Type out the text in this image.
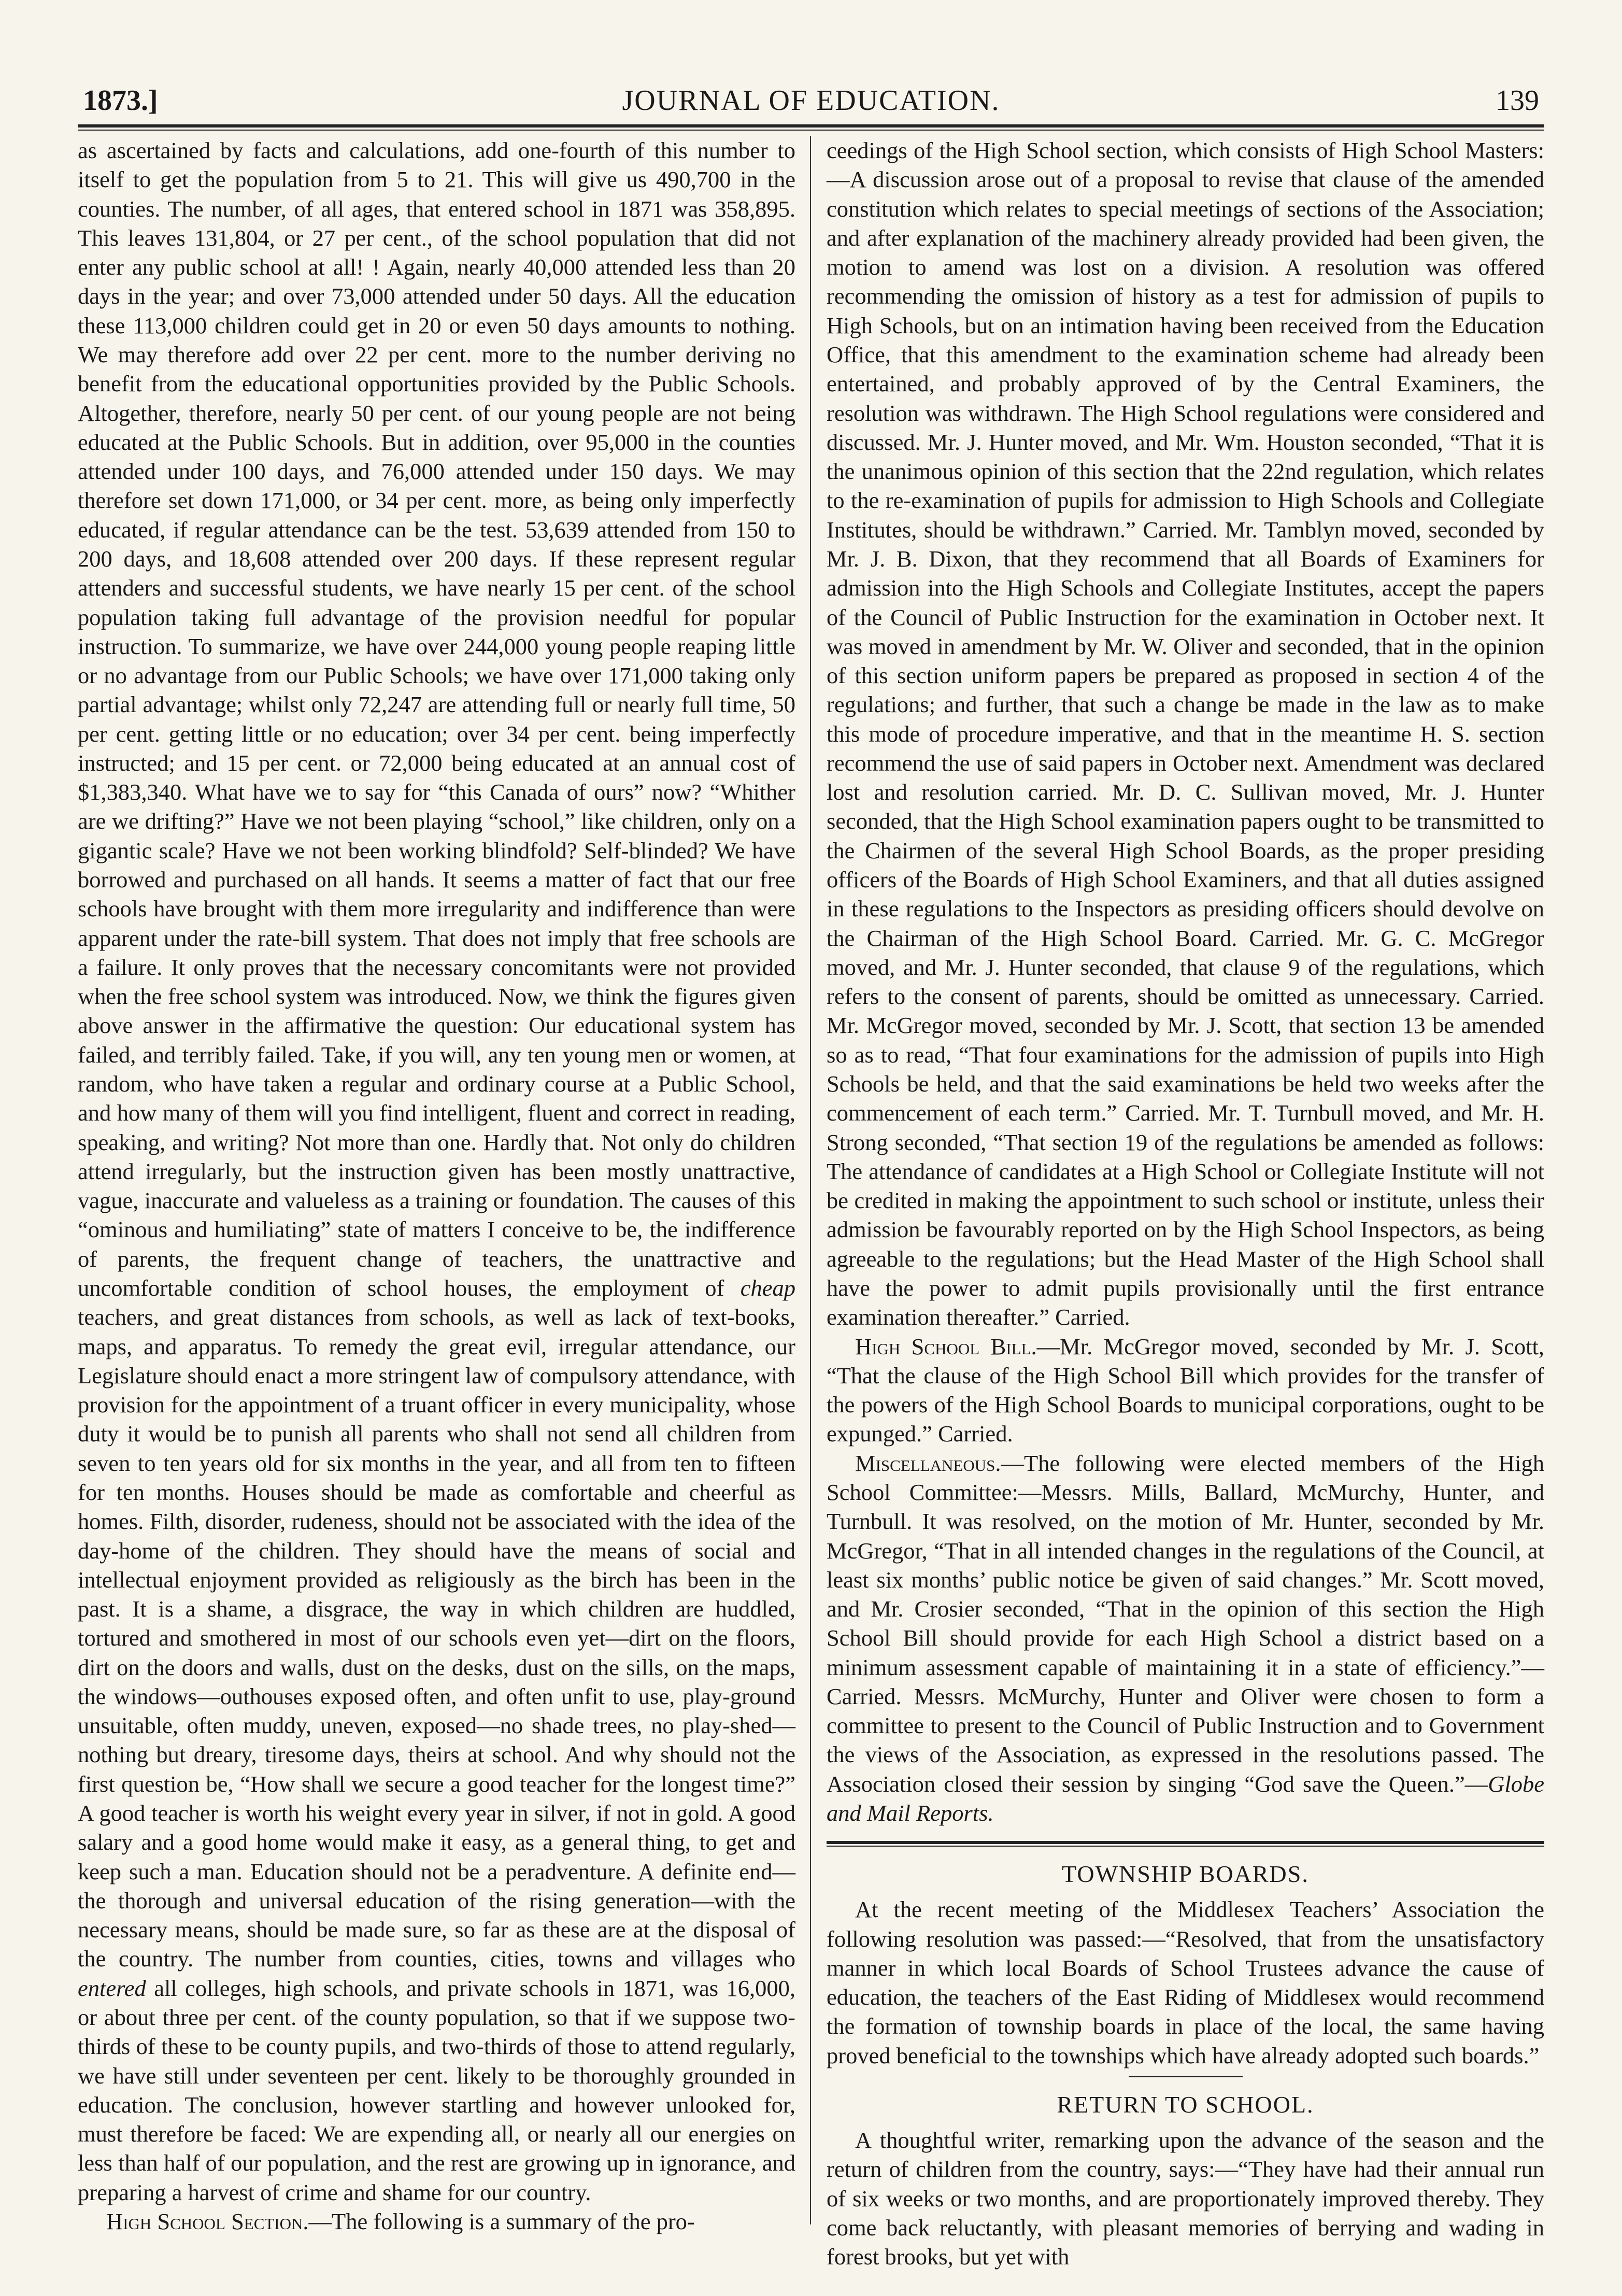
1873.]	JOURNAL OF EDUCATION.	139

as ascertained by facts and calculations, add one-fourth of this number to itself to get the population from 5 to 21. This will give us 490,700 in the counties. The number, of all ages, that entered school in 1871 was 358,895. This leaves 131,804, or 27 per cent., of the school population that did not enter any public school at all! ! Again, nearly 40,000 attended less than 20 days in the year; and over 73,000 attended under 50 days. All the education these 113,000 children could get in 20 or even 50 days amounts to nothing. We may therefore add over 22 per cent. more to the number deriving no benefit from the educational opportunities provided by the Public Schools. Altogether, therefore, nearly 50 per cent. of our young people are not being educated at the Public Schools. But in addition, over 95,000 in the counties attended under 100 days, and 76,000 attended under 150 days. We may therefore set down 171,000, or 34 per cent. more, as being only imperfectly educated, if regular attendance can be the test. 53,639 attended from 150 to 200 days, and 18,608 attended over 200 days. If these represent regular attenders and successful students, we have nearly 15 per cent. of the school population taking full advantage of the provision needful for popular instruction. To summarize, we have over 244,000 young people reaping little or no advantage from our Public Schools; we have over 171,000 taking only partial advantage; whilst only 72,247 are attending full or nearly full time, 50 per cent. getting little or no education; over 34 per cent. being imperfectly instructed; and 15 per cent. or 72,000 being educated at an annual cost of $1,383,340. What have we to say for “this Canada of ours” now? “Whither are we drifting?” Have we not been playing “school,” like children, only on a gigantic scale? Have we not been working blindfold? Self-blinded? We have borrowed and purchased on all hands. It seems a matter of fact that our free schools have brought with them more irregularity and indifference than were apparent under the rate-bill system. That does not imply that free schools are a failure. It only proves that the necessary concomitants were not provided when the free school system was introduced. Now, we think the figures given above answer in the affirmative the question: Our educational system has failed, and terribly failed. Take, if you will, any ten young men or women, at random, who have taken a regular and ordinary course at a Public School, and how many of them will you find intelligent, fluent and correct in reading, speaking, and writing? Not more than one. Hardly that. Not only do children attend irregularly, but the instruction given has been mostly unattractive, vague, inaccurate and valueless as a training or foundation. The causes of this “ominous and humiliating” state of matters I conceive to be, the indifference of parents, the frequent change of teachers, the unattractive and uncomfortable condition of school houses, the employment of cheap teachers, and great distances from schools, as well as lack of text-books, maps, and apparatus. To remedy the great evil, irregular attendance, our Legislature should enact a more stringent law of compulsory attendance, with provision for the appointment of a truant officer in every municipality, whose duty it would be to punish all parents who shall not send all children from seven to ten years old for six months in the year, and all from ten to fifteen for ten months. Houses should be made as comfortable and cheerful as homes. Filth, disorder, rudeness, should not be associated with the idea of the day-home of the children. They should have the means of social and intellectual enjoyment provided as religiously as the birch has been in the past. It is a shame, a disgrace, the way in which children are huddled, tortured and smothered in most of our schools even yet—dirt on the floors, dirt on the doors and walls, dust on the desks, dust on the sills, on the maps, the windows—outhouses exposed often, and often unfit to use, play-ground unsuitable, often muddy, uneven, exposed—no shade trees, no play-shed—nothing but dreary, tiresome days, theirs at school. And why should not the first question be, “How shall we secure a good teacher for the longest time?” A good teacher is worth his weight every year in silver, if not in gold. A good salary and a good home would make it easy, as a general thing, to get and keep such a man. Education should not be a peradventure. A definite end—the thorough and universal education of the rising generation—with the necessary means, should be made sure, so far as these are at the disposal of the country. The number from counties, cities, towns and villages who entered all colleges, high schools, and private schools in 1871, was 16,000, or about three per cent. of the county population, so that if we suppose two-thirds of these to be county pupils, and two-thirds of those to attend regularly, we have still under seventeen per cent. likely to be thoroughly grounded in education. The conclusion, however startling and however unlooked for, must therefore be faced: We are expending all, or nearly all our energies on less than half of our population, and the rest are growing up in ignorance, and preparing a harvest of crime and shame for our country.

High School Section.—The following is a summary of the pro-

ceedings of the High School section, which consists of High School Masters:—A discussion arose out of a proposal to revise that clause of the amended constitution which relates to special meetings of sections of the Association; and after explanation of the machinery already provided had been given, the motion to amend was lost on a division. A resolution was offered recommending the omission of history as a test for admission of pupils to High Schools, but on an intimation having been received from the Education Office, that this amendment to the examination scheme had already been entertained, and probably approved of by the Central Examiners, the resolution was withdrawn. The High School regulations were considered and discussed. Mr. J. Hunter moved, and Mr. Wm. Houston seconded, “That it is the unanimous opinion of this section that the 22nd regulation, which relates to the re-examination of pupils for admission to High Schools and Collegiate Institutes, should be withdrawn.” Carried. Mr. Tamblyn moved, seconded by Mr. J. B. Dixon, that they recommend that all Boards of Examiners for admission into the High Schools and Collegiate Institutes, accept the papers of the Council of Public Instruction for the examination in October next. It was moved in amendment by Mr. W. Oliver and seconded, that in the opinion of this section uniform papers be prepared as proposed in section 4 of the regulations; and further, that such a change be made in the law as to make this mode of procedure imperative, and that in the meantime H. S. section recommend the use of said papers in October next. Amendment was declared lost and resolution carried. Mr. D. C. Sullivan moved, Mr. J. Hunter seconded, that the High School examination papers ought to be transmitted to the Chairmen of the several High School Boards, as the proper presiding officers of the Boards of High School Examiners, and that all duties assigned in these regulations to the Inspectors as presiding officers should devolve on the Chairman of the High School Board. Carried. Mr. G. C. McGregor moved, and Mr. J. Hunter seconded, that clause 9 of the regulations, which refers to the consent of parents, should be omitted as unnecessary. Carried. Mr. McGregor moved, seconded by Mr. J. Scott, that section 13 be amended so as to read, “That four examinations for the admission of pupils into High Schools be held, and that the said examinations be held two weeks after the commencement of each term.” Carried. Mr. T. Turnbull moved, and Mr. H. Strong seconded, “That section 19 of the regulations be amended as follows: The attendance of candidates at a High School or Collegiate Institute will not be credited in making the appointment to such school or institute, unless their admission be favourably reported on by the High School Inspectors, as being agreeable to the regulations; but the Head Master of the High School shall have the power to admit pupils provisionally until the first entrance examination thereafter.” Carried.

High School Bill.—Mr. McGregor moved, seconded by Mr. J. Scott, “That the clause of the High School Bill which provides for the transfer of the powers of the High School Boards to municipal corporations, ought to be expunged.” Carried.

Miscellaneous.—The following were elected members of the High School Committee:—Messrs. Mills, Ballard, McMurchy, Hunter, and Turnbull. It was resolved, on the motion of Mr. Hunter, seconded by Mr. McGregor, “That in all intended changes in the regulations of the Council, at least six months’ public notice be given of said changes.” Mr. Scott moved, and Mr. Crosier seconded, “That in the opinion of this section the High School Bill should provide for each High School a district based on a minimum assessment capable of maintaining it in a state of efficiency.”—Carried. Messrs. McMurchy, Hunter and Oliver were chosen to form a committee to present to the Council of Public Instruction and to Government the views of the Association, as expressed in the resolutions passed. The Association closed their session by singing “God save the Queen.”—Globe and Mail Reports.

TOWNSHIP BOARDS.

At the recent meeting of the Middlesex Teachers’ Association the following resolution was passed:—“Resolved, that from the unsatisfactory manner in which local Boards of School Trustees advance the cause of education, the teachers of the East Riding of Middlesex would recommend the formation of township boards in place of the local, the same having proved beneficial to the townships which have already adopted such boards.”

RETURN TO SCHOOL.

A thoughtful writer, remarking upon the advance of the season and the return of children from the country, says:—“They have had their annual run of six weeks or two months, and are proportionately improved thereby. They come back reluctantly, with pleasant memories of berrying and wading in forest brooks, but yet with
